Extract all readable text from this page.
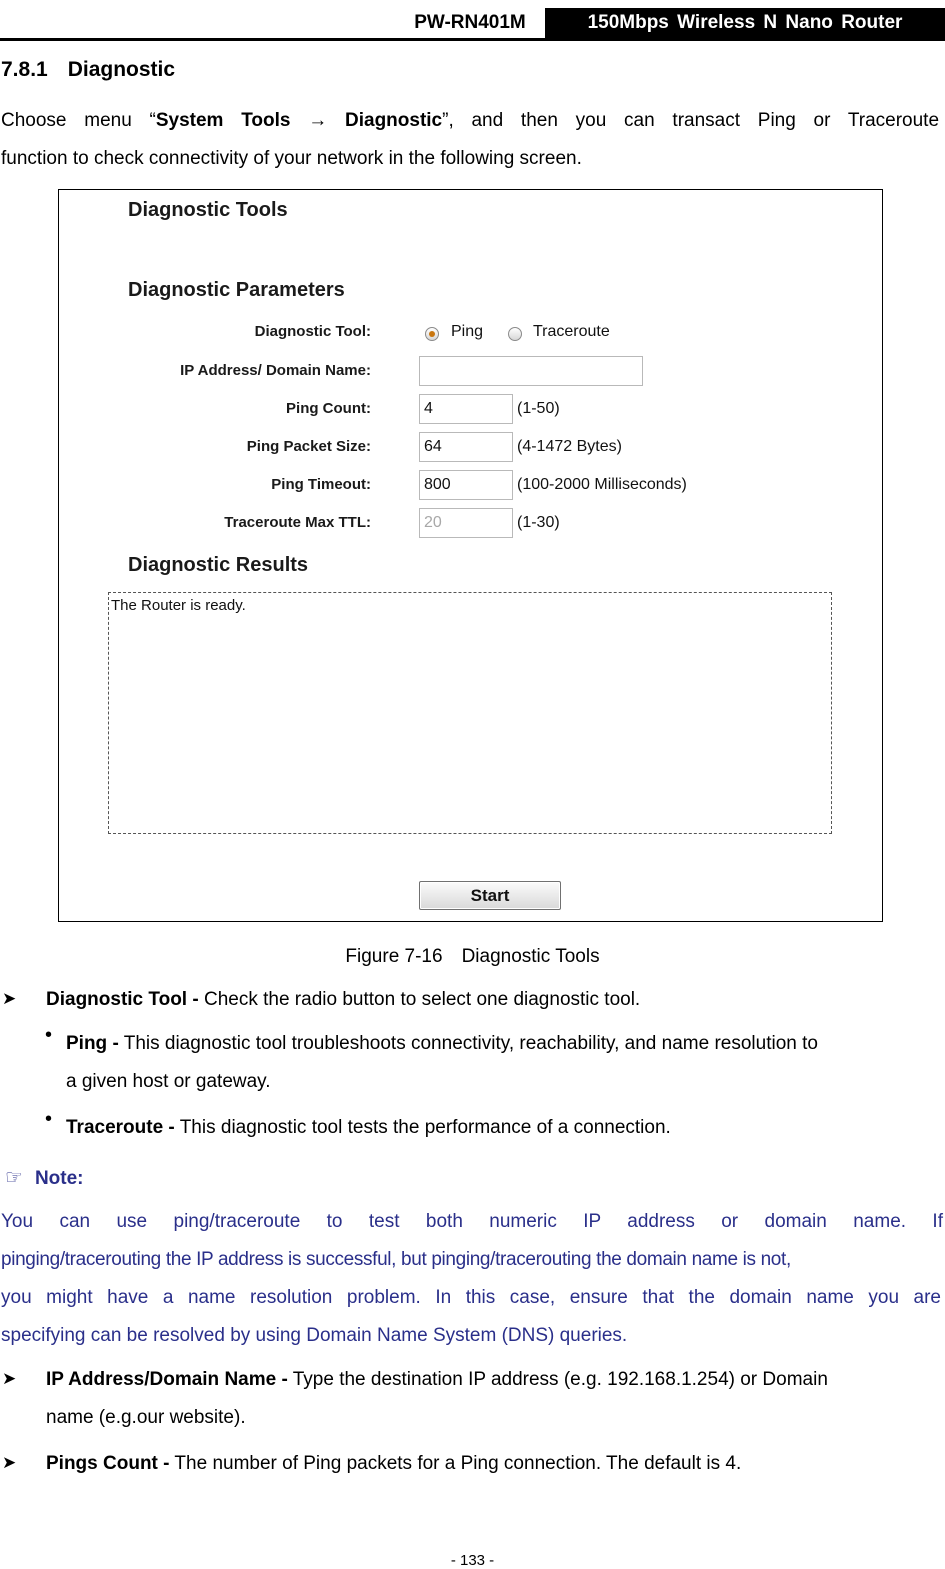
PW-RN401M	150Mbps Wireless N Nano Router
7.8.1 Diagnostic
Choose menu “System Tools → Diagnostic”, and then you can transact Ping or Traceroute
function to check connectivity of your network in the following screen.
Diagnostic Tools
Diagnostic Parameters
Diagnostic Tool:	Ping	Traceroute
IP Address/ Domain Name:
Ping Count:	4	(1-50)
Ping Packet Size:	64	(4-1472 Bytes)
Ping Timeout:	800	(100-2000 Milliseconds)
Traceroute Max TTL:	20	(1-30)
Diagnostic Results
The Router is ready.
Start
Figure 7-16　Diagnostic Tools
➤ Diagnostic Tool - Check the radio button to select one diagnostic tool.
• Ping - This diagnostic tool troubleshoots connectivity, reachability, and name resolution to
a given host or gateway.
• Traceroute - This diagnostic tool tests the performance of a connection.
☞ Note:
You can use ping/traceroute to test both numeric IP address or domain name. If
pinging/tracerouting the IP address is successful, but pinging/tracerouting the domain name is not,
you might have a name resolution problem. In this case, ensure that the domain name you are
specifying can be resolved by using Domain Name System (DNS) queries.
➤ IP Address/Domain Name - Type the destination IP address (e.g. 192.168.1.254) or Domain
name (e.g.our website).
➤ Pings Count - The number of Ping packets for a Ping connection. The default is 4.
- 133 -
